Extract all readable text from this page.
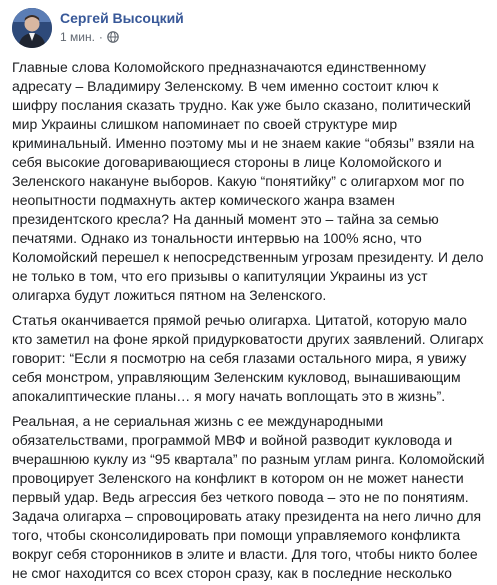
Сергей Высоцкий
1 мин. ·

Главные слова Коломойского предназначаются единственному адресату – Владимиру Зеленскому. В чем именно состоит ключ к шифру послания сказать трудно. Как уже было сказано, политический мир Украины слишком напоминает по своей структуре мир криминальный. Именно поэтому мы и не знаем какие “обязы” взяли на себя высокие договаривающиеся стороны в лице Коломойского и Зеленского накануне выборов. Какую “понятийку” с олигархом мог по неопытности подмахнуть актер комического жанра взамен президентского кресла? На данный момент это – тайна за семью печатями. Однако из тональности интервью на 100% ясно, что Коломойский перешел к непосредственным угрозам президенту. И дело не только в том, что его призывы о капитуляции Украины из уст олигарха будут ложиться пятном на Зеленского.

Статья оканчивается прямой речью олигарха. Цитатой, которую мало кто заметил на фоне яркой придурковатости других заявлений. Олигарх говорит: “Если я посмотрю на себя глазами остального мира, я увижу себя монстром, управляющим Зеленским кукловод, вынашивающим апокалиптические планы… я могу начать воплощать это в жизнь”.

Реальная, а не сериальная жизнь с ее международными обязательствами, программой МВФ и войной разводит кукловода и вчерашнюю куклу из “95 квартала” по разным углам ринга. Коломойский провоцирует Зеленского на конфликт в котором он не может нанести первый удар. Ведь агрессия без четкого повода – это не по понятиям. Задача олигарха – спровоцировать атаку президента на него лично для того, чтобы сконсолидировать при помощи управляемого конфликта вокруг себя сторонников в элите и власти. Для того, чтобы никто более не смог находится со всех сторон сразу, как в последние несколько
